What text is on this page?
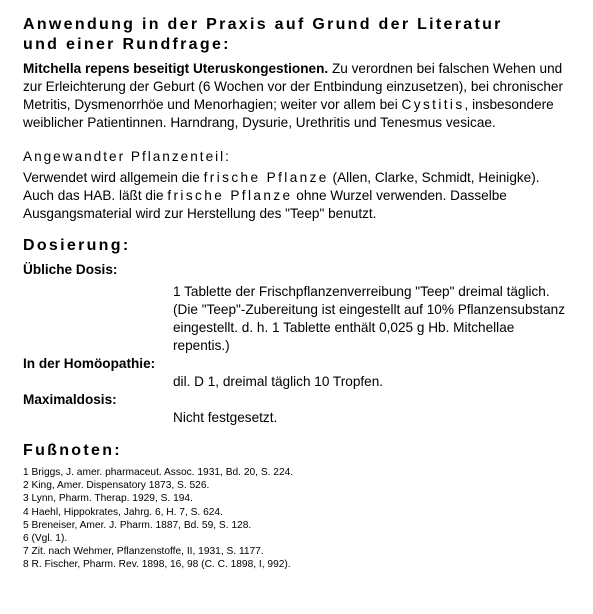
Anwendung in der Praxis auf Grund der Literatur
und einer Rundfrage:

Mitchella repens beseitigt Uteruskongestionen. Zu verordnen bei falschen Wehen und zur Erleichterung der Geburt (6 Wochen vor der Entbindung einzusetzen), bei chronischer Metritis, Dysmenorrhöe und Menorhagien; weiter vor allem bei Cystitis, insbesondere weiblicher Patientinnen. Harndrang, Dysurie, Urethritis und Tenesmus vesicae.

Angewandter Pflanzenteil:

Verwendet wird allgemein die frische Pflanze (Allen, Clarke, Schmidt, Heinigke). Auch das HAB. läßt die frische Pflanze ohne Wurzel verwenden. Dasselbe Ausgangsmaterial wird zur Herstellung des "Teep" benutzt.

Dosierung:
Übliche Dosis:
1 Tablette der Frischpflanzenverreibung "Teep" dreimal täglich. (Die "Teep"-Zubereitung ist eingestellt auf 10% Pflanzensubstanz eingestellt. d. h. 1 Tablette enthält 0,025 g Hb. Mitchellae repentis.)
In der Homöopathie:
dil. D 1, dreimal täglich 10 Tropfen.
Maximaldosis:
Nicht festgesetzt.
Fußnoten:
1 Briggs, J. amer. pharmaceut. Assoc. 1931, Bd. 20, S. 224.
2 King, Amer. Dispensatory 1873, S. 526.
3 Lynn, Pharm. Therap. 1929, S. 194.
4 Haehl, Hippokrates, Jahrg. 6, H. 7, S. 624.
5 Breneiser, Amer. J. Pharm. 1887, Bd. 59, S. 128.
6 (Vgl. 1).
7 Zit. nach Wehmer, Pflanzenstoffe, II, 1931, S. 1177.
8 R. Fischer, Pharm. Rev. 1898, 16, 98 (C. C. 1898, I, 992).
